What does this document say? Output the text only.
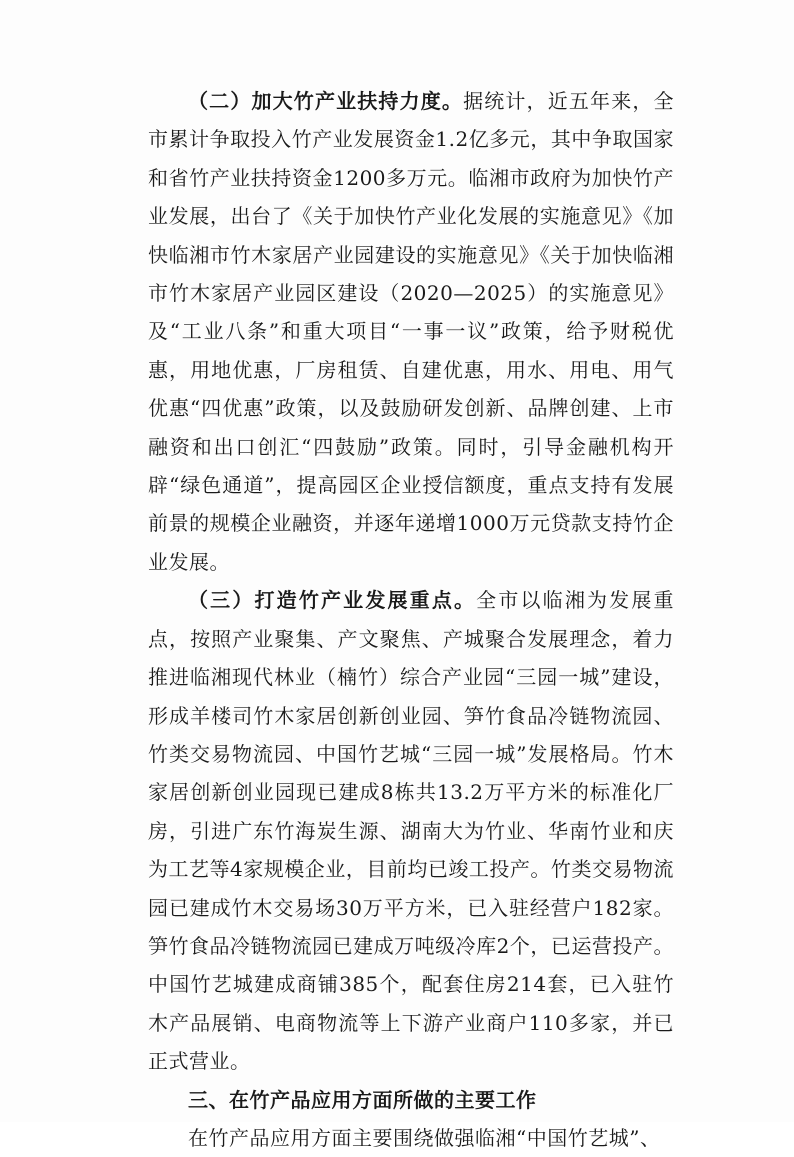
（二）加大竹产业扶持力度。据统计，近五年来，全市累计争取投入竹产业发展资金1.2亿多元，其中争取国家和省竹产业扶持资金1200多万元。临湘市政府为加快竹产业发展，出台了《关于加快竹产业化发展的实施意见》《加快临湘市竹木家居产业园建设的实施意见》《关于加快临湘市竹木家居产业园区建设（2020—2025）的实施意见》及“工业八条”和重大项目“一事一议”政策，给予财税优惠，用地优惠，厂房租赁、自建优惠，用水、用电、用气优惠“四优惠”政策，以及鼓励研发创新、品牌创建、上市融资和出口创汇“四鼓励”政策。同时，引导金融机构开辟“绿色通道”，提高园区企业授信额度，重点支持有发展前景的规模企业融资，并逐年递增1000万元贷款支持竹企业发展。

（三）打造竹产业发展重点。全市以临湘为发展重点，按照产业聚集、产文聚焦、产城聚合发展理念，着力推进临湘现代林业（楠竹）综合产业园“三园一城”建设，形成羊楼司竹木家居创新创业园、笋竹食品冷链物流园、竹类交易物流园、中国竹艺城“三园一城”发展格局。竹木家居创新创业园现已建成8栋共13.2万平方米的标准化厂房，引进广东竹海炭生源、湖南大为竹业、华南竹业和庆为工艺等4家规模企业，目前均已竣工投产。竹类交易物流园已建成竹木交易场30万平方米，已入驻经营户182家。笋竹食品冷链物流园已建成万吨级冷库2个，已运营投产。中国竹艺城建成商铺385个，配套住房214套，已入驻竹木产品展销、电商物流等上下游产业商户110多家，并已正式营业。

三、在竹产品应用方面所做的主要工作

在竹产品应用方面主要围绕做强临湘“中国竹艺城”、
